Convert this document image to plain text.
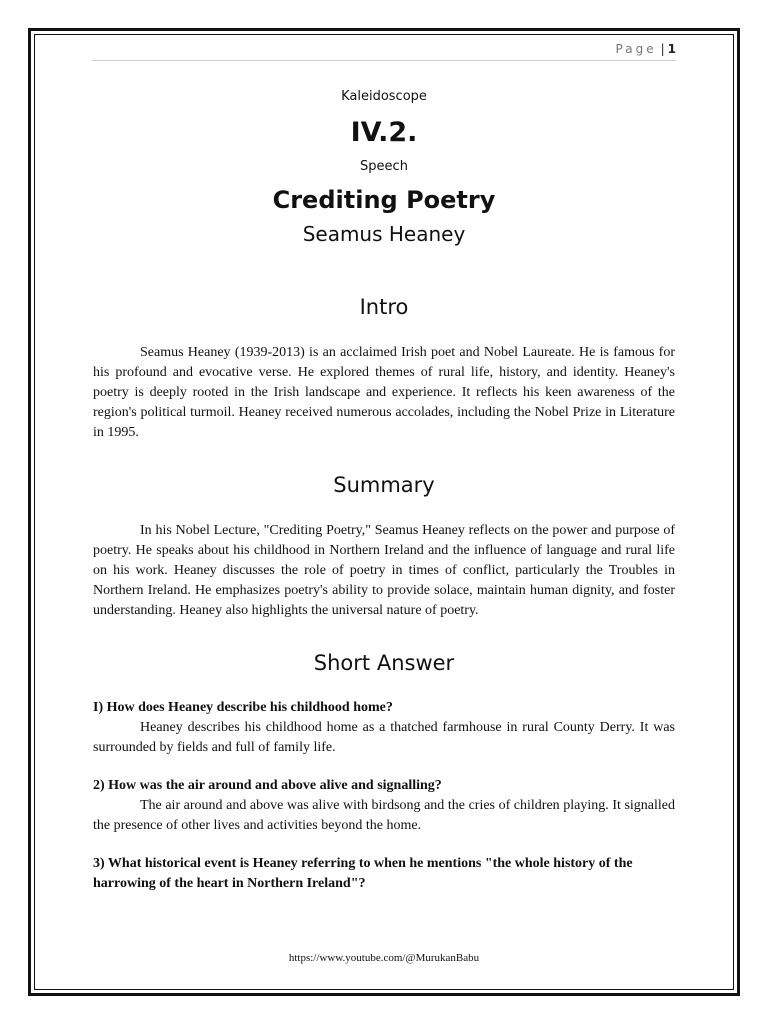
Page | 1

Kaleidoscope

IV.2.

Speech

Crediting Poetry

Seamus Heaney

Intro

Seamus Heaney (1939-2013) is an acclaimed Irish poet and Nobel Laureate. He is famous for his profound and evocative verse. He explored themes of rural life, history, and identity. Heaney's poetry is deeply rooted in the Irish landscape and experience. It reflects his keen awareness of the region's political turmoil. Heaney received numerous accolades, including the Nobel Prize in Literature in 1995.

Summary

In his Nobel Lecture, "Crediting Poetry," Seamus Heaney reflects on the power and purpose of poetry. He speaks about his childhood in Northern Ireland and the influence of language and rural life on his work. Heaney discusses the role of poetry in times of conflict, particularly the Troubles in Northern Ireland. He emphasizes poetry's ability to provide solace, maintain human dignity, and foster understanding. Heaney also highlights the universal nature of poetry.

Short Answer

I) How does Heaney describe his childhood home?

Heaney describes his childhood home as a thatched farmhouse in rural County Derry. It was surrounded by fields and full of family life.

2) How was the air around and above alive and signalling?

The air around and above was alive with birdsong and the cries of children playing. It signalled the presence of other lives and activities beyond the home.

3) What historical event is Heaney referring to when he mentions "the whole history of the harrowing of the heart in Northern Ireland"?

https://www.youtube.com/@MurukanBabu
